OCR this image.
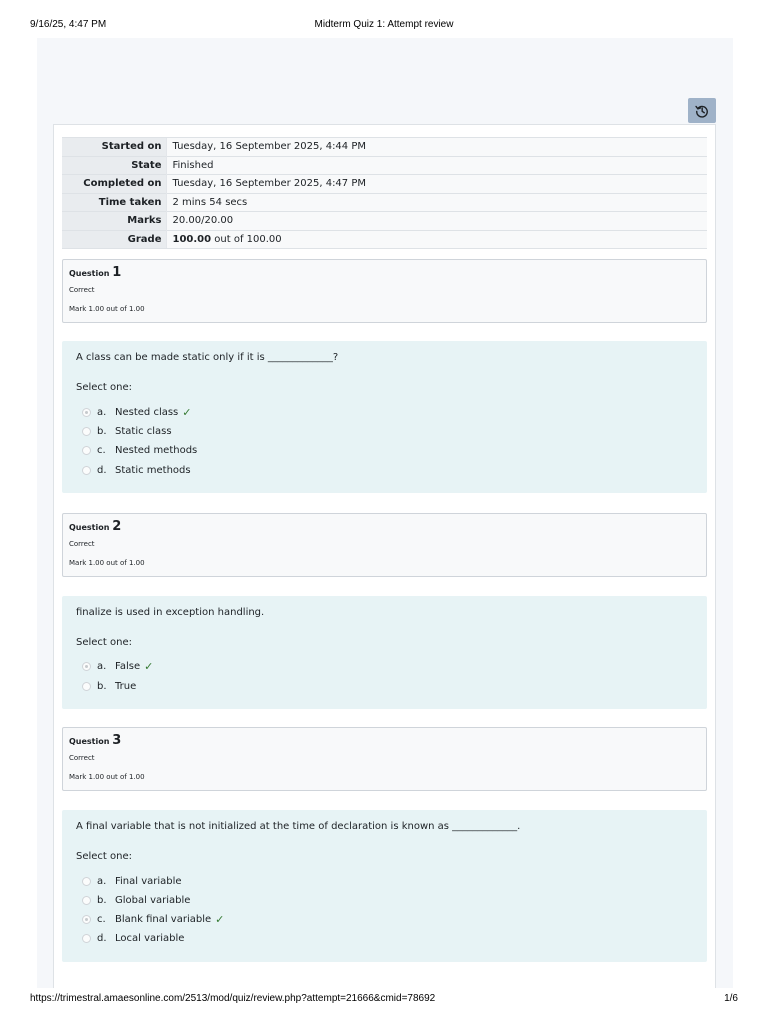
9/16/25, 4:47 PM	Midterm Quiz 1: Attempt review
Started on	Tuesday, 16 September 2025, 4:44 PM
State	Finished
Completed on	Tuesday, 16 September 2025, 4:47 PM
Time taken	2 mins 54 secs
Marks	20.00/20.00
Grade	100.00 out of 100.00
Question 1
Correct
Mark 1.00 out of 1.00
A class can be made static only if it is _____________?
Select one:
a. Nested class ✓
b. Static class
c. Nested methods
d. Static methods
Question 2
Correct
Mark 1.00 out of 1.00
finalize is used in exception handling.
Select one:
a. False ✓
b. True
Question 3
Correct
Mark 1.00 out of 1.00
A final variable that is not initialized at the time of declaration is known as _____________.
Select one:
a. Final variable
b. Global variable
c. Blank final variable ✓
d. Local variable
https://trimestral.amaesonline.com/2513/mod/quiz/review.php?attempt=21666&cmid=78692	1/6
